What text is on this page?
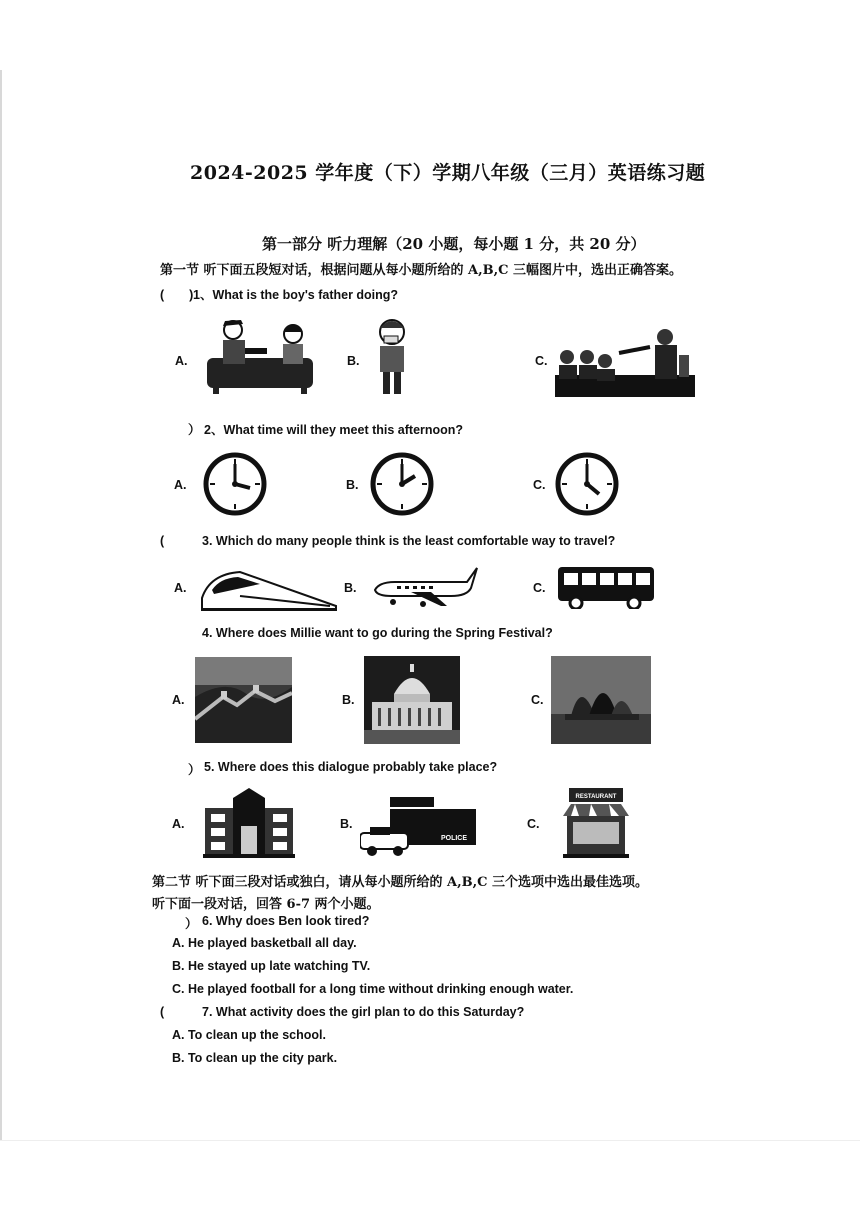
2024-2025 学年度（下）学期八年级（三月）英语练习题
第一部分 听力理解（20 小题，每小题 1 分，共 20 分）
第一节 听下面五段短对话，根据问题从每小题所给的 A,B,C 三幅图片中，选出正确答案。
(　　) 1、What is the boy's father doing?
A.	B.	C.
） 2、What time will they meet this afternoon?
A.	B.	C.
(	3. Which do many people think is the least comfortable way to travel?
A.	B.	C.
4. Where does Millie want to go during the Spring Festival?
A.	B.	C.
） 5. Where does this dialogue probably take place?
A.	B.	C.
POLICE
RESTAURANT
第二节 听下面三段对话或独白，请从每小题所给的 A,B,C 三个选项中选出最佳选项。
听下面一段对话，回答 6-7 两个小题。
） 6. Why does Ben look tired?
A. He played basketball all day.
B. He stayed up late watching TV.
C. He played football for a long time without drinking enough water.
(	7. What activity does the girl plan to do this Saturday?
A. To clean up the school.
B. To clean up the city park.
